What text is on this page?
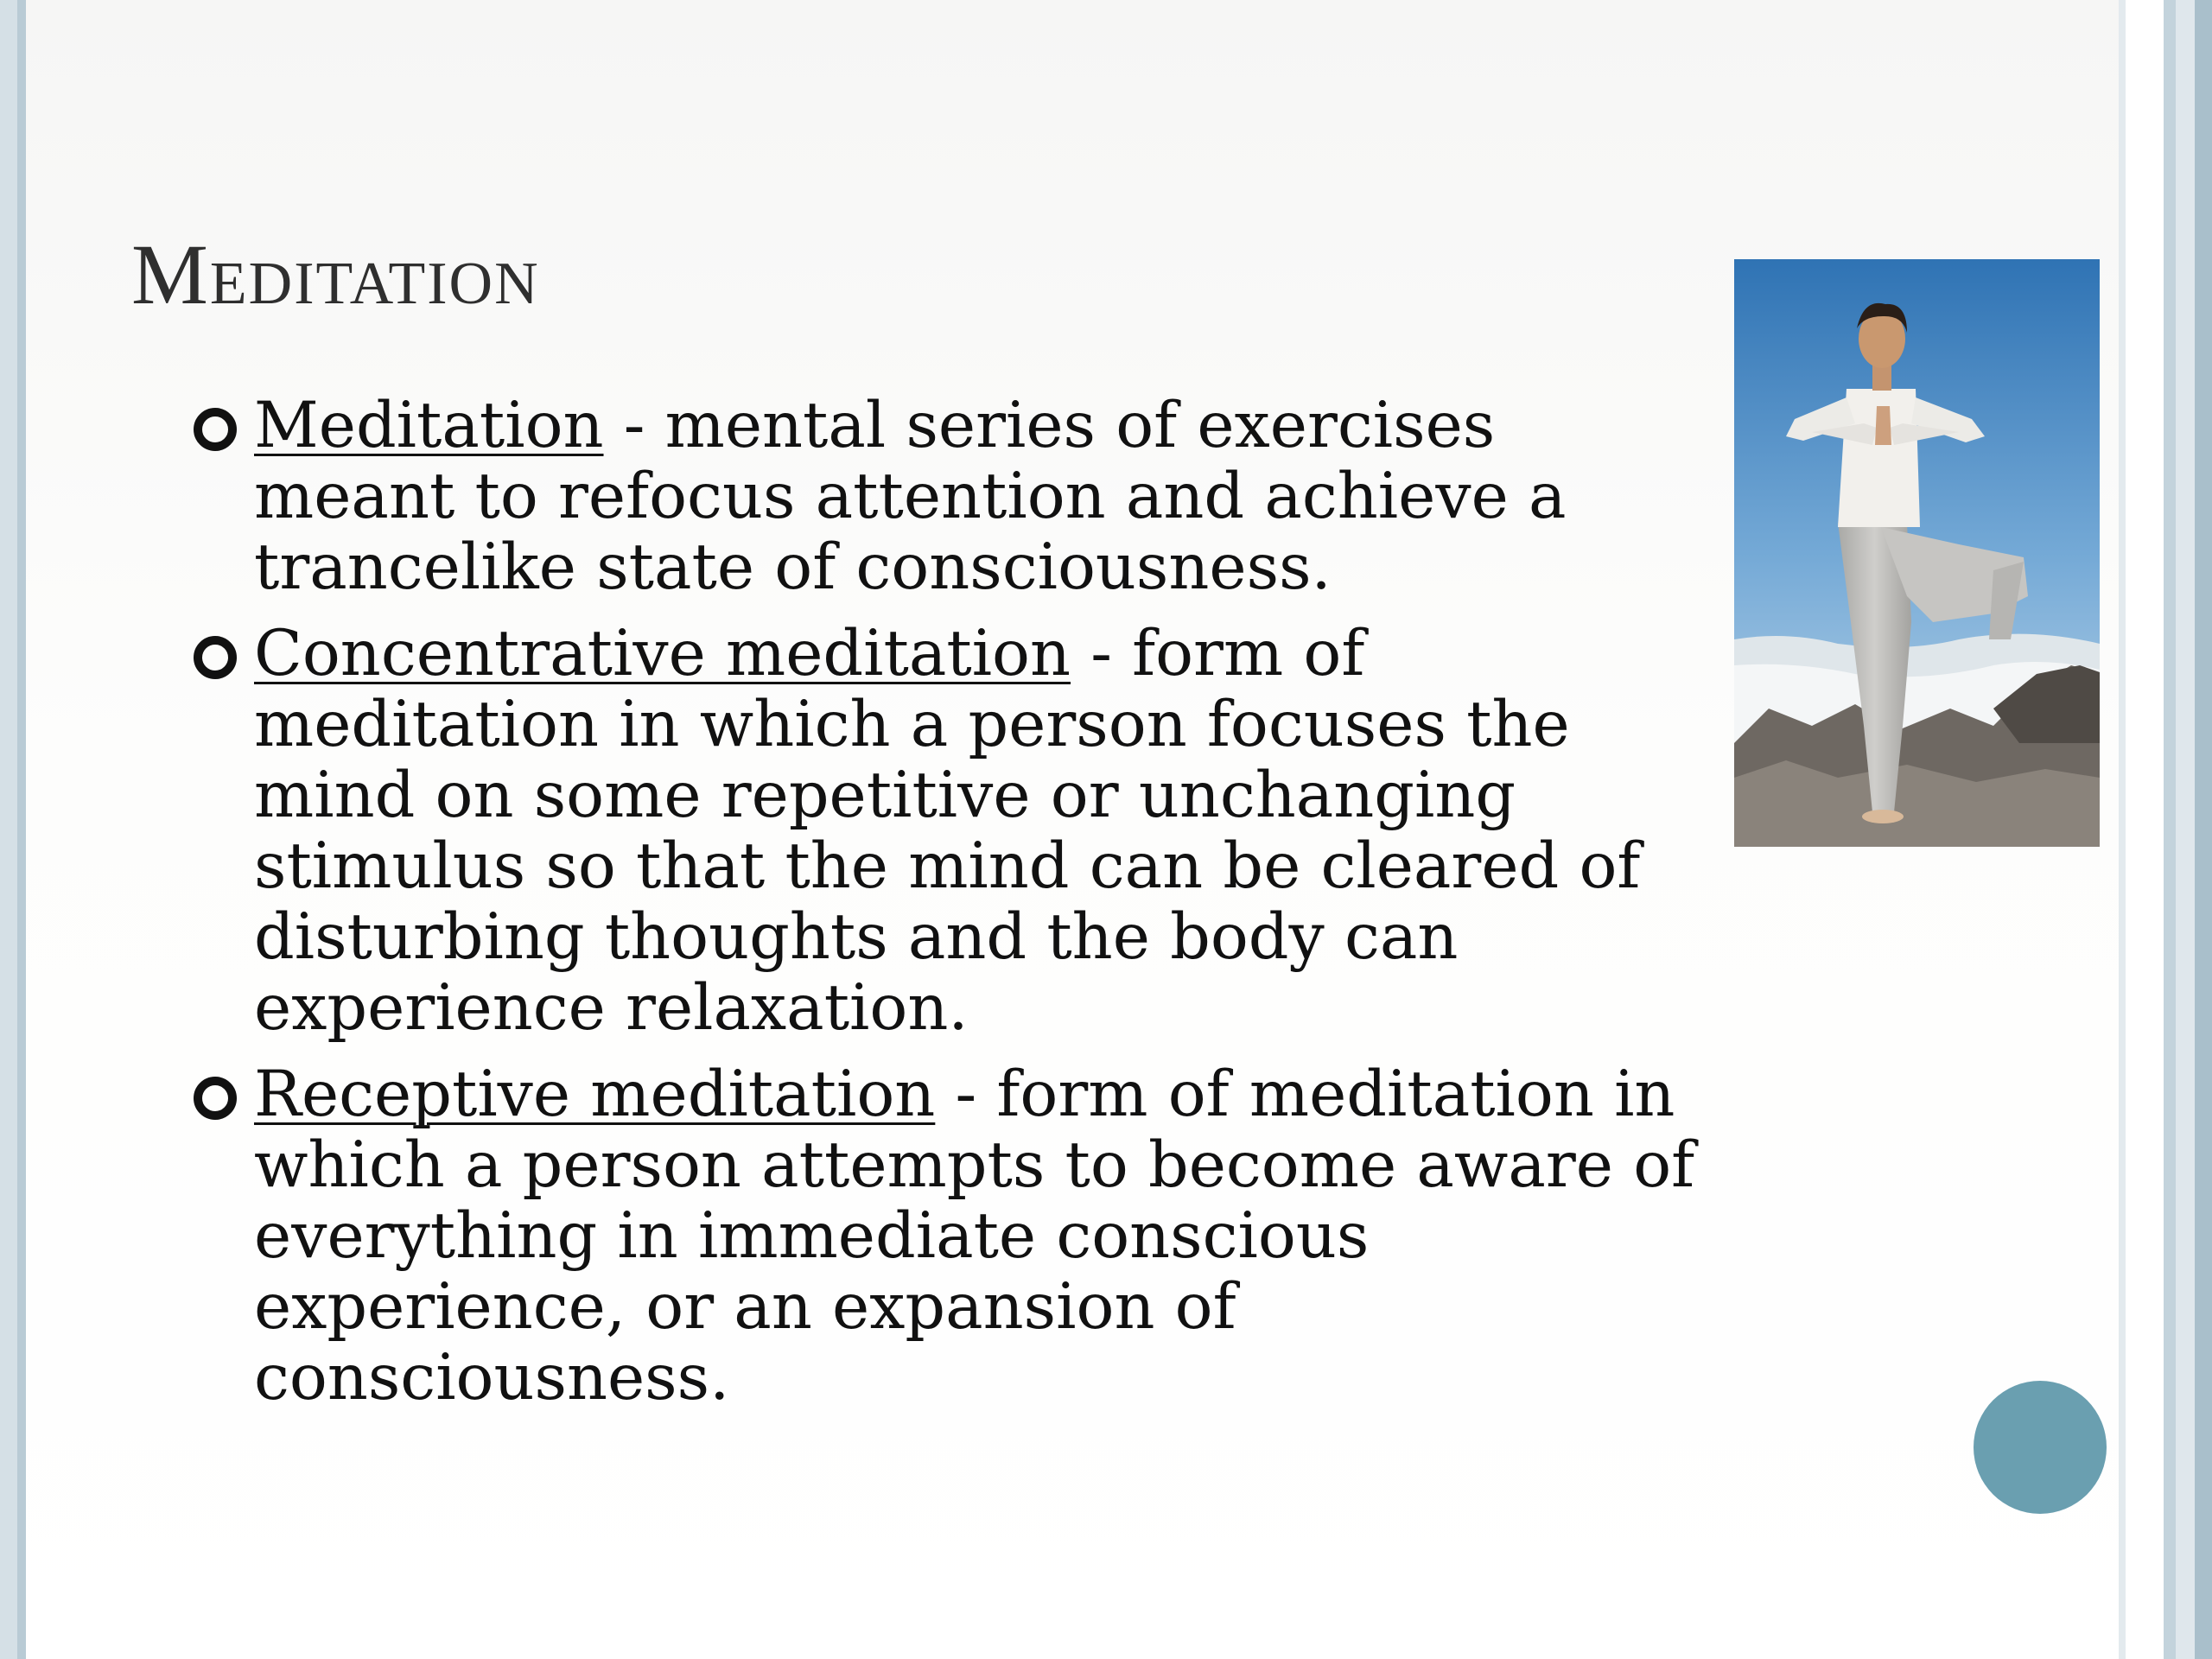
Meditation
Meditation - mental series of exercises meant to refocus attention and achieve a trancelike state of consciousness.
Concentrative meditation - form of meditation in which a person focuses the mind on some repetitive or unchanging stimulus so that the mind can be cleared of disturbing thoughts and the body can experience relaxation.
Receptive meditation - form of meditation in which a person attempts to become aware of everything in immediate conscious experience, or an expansion of consciousness.
